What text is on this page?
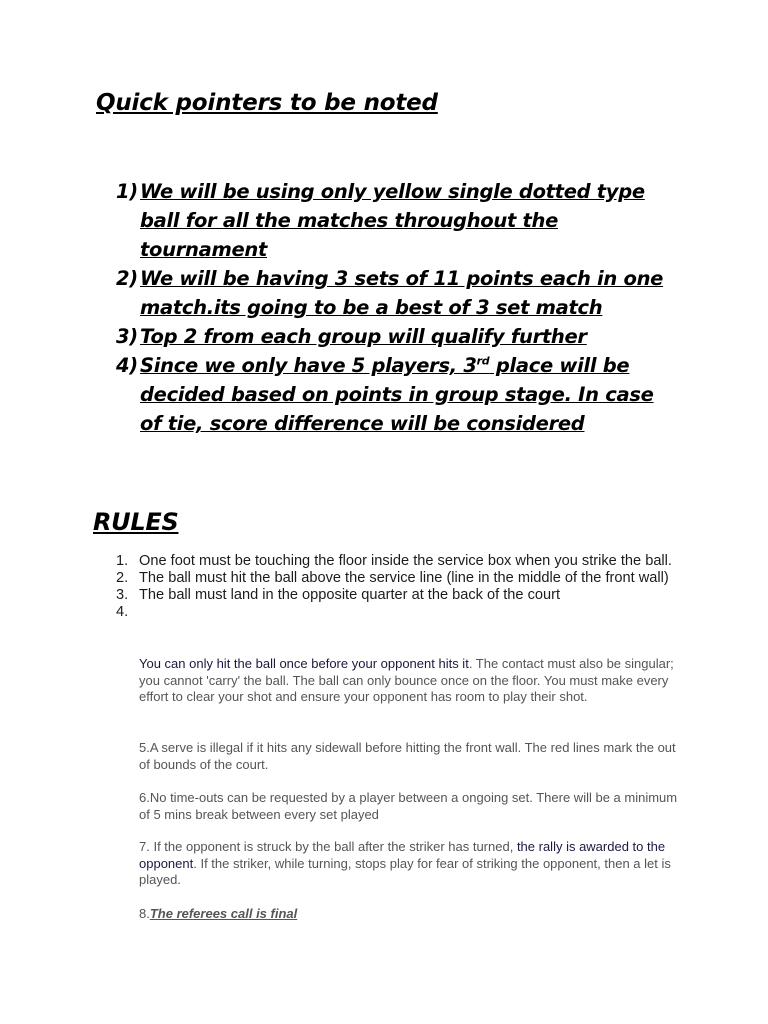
Quick pointers to be noted
1) We will be using only yellow single dotted type ball for all the matches throughout the tournament
2) We will be having 3 sets of 11 points each in one match.its going to be a best of 3 set match
3) Top 2 from each group will qualify further
4) Since we only have 5 players, 3rd place will be decided based on points in group stage. In case of tie, score difference will be considered
RULES
1. One foot must be touching the floor inside the service box when you strike the ball.
2. The ball must hit the ball above the service line (line in the middle of the front wall)
3. The ball must land in the opposite quarter at the back of the court
4.
You can only hit the ball once before your opponent hits it. The contact must also be singular; you cannot 'carry' the ball. The ball can only bounce once on the floor. You must make every effort to clear your shot and ensure your opponent has room to play their shot.
5.A serve is illegal if it hits any sidewall before hitting the front wall. The red lines mark the out of bounds of the court.
6.No time-outs can be requested by a player between a ongoing set. There will be a minimum of 5 mins break between every set played
7. If the opponent is struck by the ball after the striker has turned, the rally is awarded to the opponent. If the striker, while turning, stops play for fear of striking the opponent, then a let is played.
8.The referees call is final
